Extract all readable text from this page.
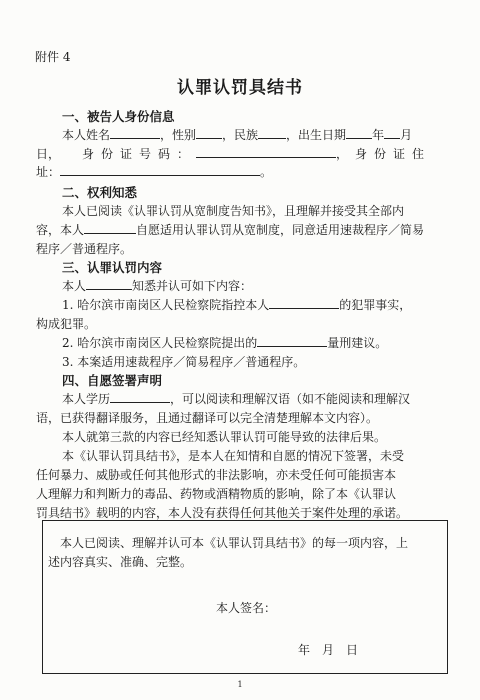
附件 4
认罪认罚具结书
一、被告人身份信息
本人姓名	，性别 ，民族 ，出生日期 年 月
日， 身份证号码：	，身份证住
址：	。
二、权利知悉
本人已阅读《认罪认罚从宽制度告知书》，且理解并接受其全部内
容，本人	自愿适用认罪认罚从宽制度，同意适用速裁程序／简易
程序／普通程序。
三、认罪认罚内容
本人	知悉并认可如下内容：
1. 哈尔滨市南岗区人民检察院指控本人	的犯罪事实，
构成犯罪。
2. 哈尔滨市南岗区人民检察院提出的	量刑建议。
3. 本案适用速裁程序／简易程序／普通程序。
四、自愿签署声明
本人学历	，可以阅读和理解汉语（如不能阅读和理解汉
语，已获得翻译服务，且通过翻译可以完全清楚理解本文内容）。
本人就第三款的内容已经知悉认罪认罚可能导致的法律后果。
本《认罪认罚具结书》，是本人在知情和自愿的情况下签署，未受
任何暴力、威胁或任何其他形式的非法影响，亦未受任何可能损害本
人理解力和判断力的毒品、药物或酒精物质的影响，除了本《认罪认
罚具结书》载明的内容，本人没有获得任何其他关于案件处理的承诺。
本人已阅读、理解并认可本《认罪认罚具结书》的每一项内容，上
述内容真实、准确、完整。
本人签名：
年　月　日
1
